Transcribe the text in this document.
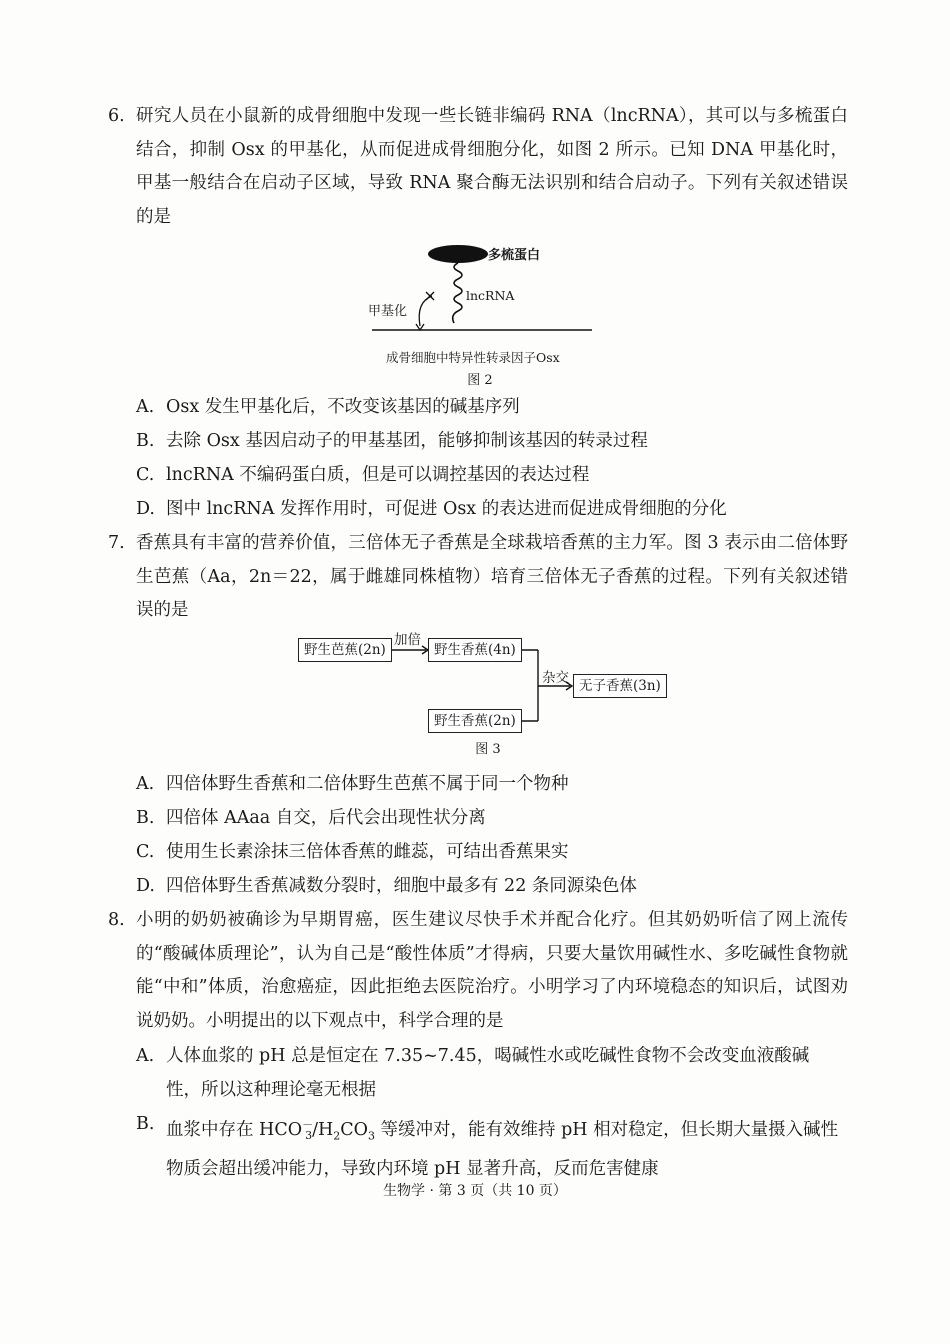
6. 研究人员在小鼠新的成骨细胞中发现一些长链非编码 RNA（lncRNA），其可以与多梳蛋白结合，抑制 Osx 的甲基化，从而促进成骨细胞分化，如图 2 所示。已知 DNA 甲基化时，甲基一般结合在启动子区域，导致 RNA 聚合酶无法识别和结合启动子。下列有关叙述错误的是
多梳蛋白
lncRNA
甲基化
成骨细胞中特异性转录因子Osx
图 2
A. Osx 发生甲基化后，不改变该基因的碱基序列
B. 去除 Osx 基因启动子的甲基基团，能够抑制该基因的转录过程
C. lncRNA 不编码蛋白质，但是可以调控基因的表达过程
D. 图中 lncRNA 发挥作用时，可促进 Osx 的表达进而促进成骨细胞的分化
7. 香蕉具有丰富的营养价值，三倍体无子香蕉是全球栽培香蕉的主力军。图 3 表示由二倍体野生芭蕉（Aa，2n＝22，属于雌雄同株植物）培育三倍体无子香蕉的过程。下列有关叙述错误的是
野生芭蕉(2n)
加倍
野生香蕉(4n)
野生香蕉(2n)
杂交 无子香蕉(3n)
图 3
A. 四倍体野生香蕉和二倍体野生芭蕉不属于同一个物种
B. 四倍体 AAaa 自交，后代会出现性状分离
C. 使用生长素涂抹三倍体香蕉的雌蕊，可结出香蕉果实
D. 四倍体野生香蕉减数分裂时，细胞中最多有 22 条同源染色体
8. 小明的奶奶被确诊为早期胃癌，医生建议尽快手术并配合化疗。但其奶奶听信了网上流传的“酸碱体质理论”，认为自己是“酸性体质”才得病，只要大量饮用碱性水、多吃碱性食物就能“中和”体质，治愈癌症，因此拒绝去医院治疗。小明学习了内环境稳态的知识后，试图劝说奶奶。小明提出的以下观点中，科学合理的是
A. 人体血浆的 pH 总是恒定在 7.35~7.45，喝碱性水或吃碱性食物不会改变血液酸碱性，所以这种理论毫无根据
B. 血浆中存在 $HCO^-_3/H_2CO_3$ 等缓冲对，能有效维持 pH 相对稳定，但长期大量摄入碱性物质会超出缓冲能力，导致内环境 pH 显著升高，反而危害健康
生物学 · 第 3 页（共 10 页）
